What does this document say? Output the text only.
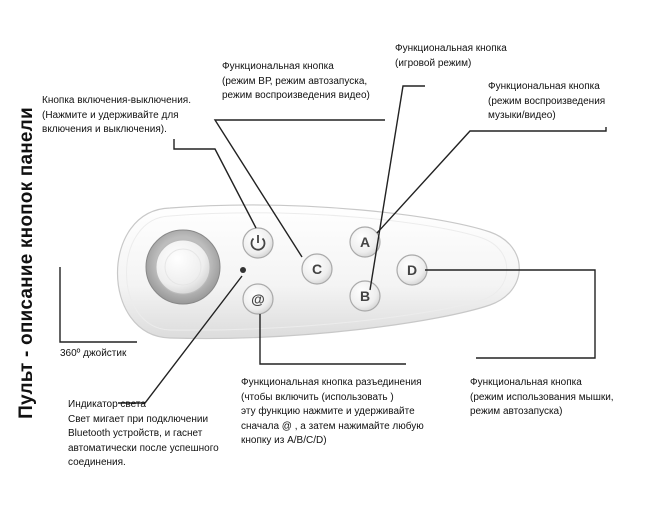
Пульт - описание кнопок панели	@
C
A
B
D
Кнопка включения-выключения.
(Нажмите и удерживайте для
включения и выключения).
Функциональная кнопка
(режим ВР, режим автозапуска,
режим воспроизведения видео)
Функциональная кнопка
(игровой режим)
Функциональная кнопка
(режим воспроизведения
музыки/видео)
360º джойстик
Индикатор света
Свет мигает при подключении
Bluetooth устройств, и гаснет
автоматически после успешного
соединения.
Функциональная кнопка разъединения
(чтобы включить (использовать )
эту функцию нажмите и удерживайте
сначала @ , а затем нажимайте любую
кнопку из A/B/C/D)
Функциональная кнопка
(режим использования мышки,
режим автозапуска)
